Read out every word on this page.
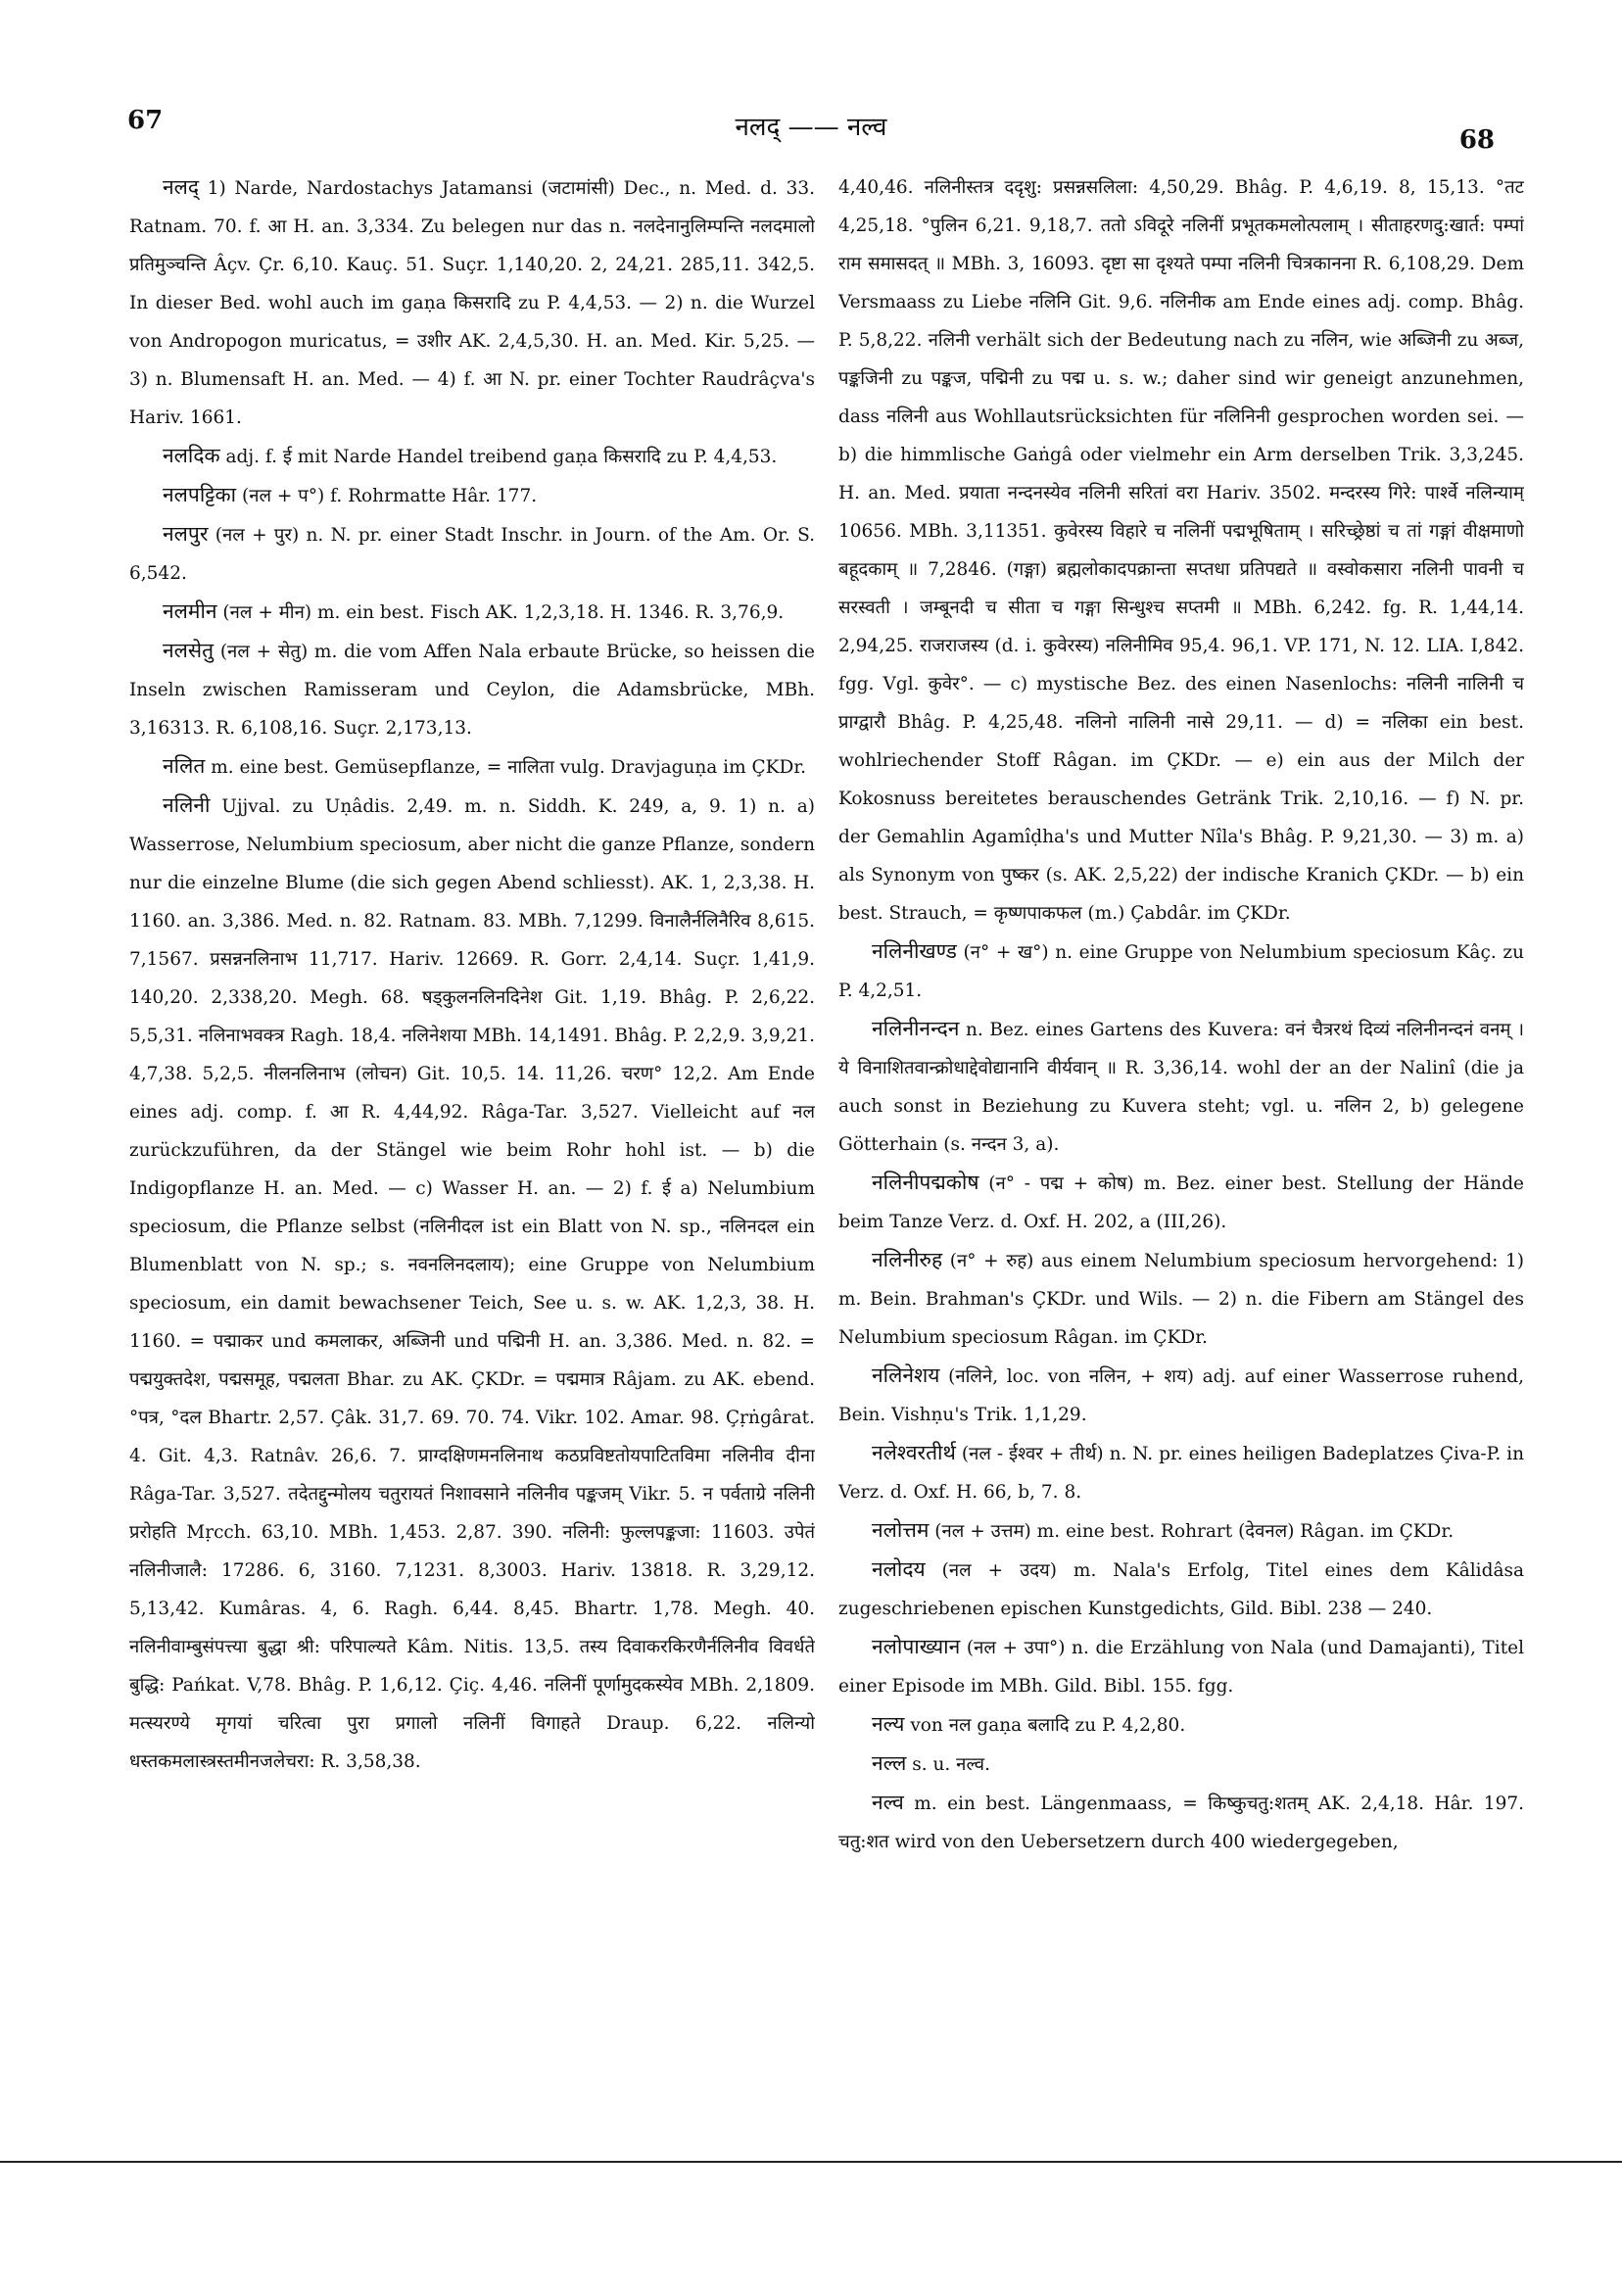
67	नलद् —— नल्व	68

नलद् 1) Narde, Nardostachys Jatamansi (जटामांसी) Dec., n. Med. d. 33. Ratnam. 70. f. आ H. an. 3,334. Zu belegen nur das n. नलदेनानुलिम्पन्ति नलदमालो प्रतिमुञ्चन्ति Âçv. Çr. 6,10. Kauç. 51. Suçr. 1,140,20. 2, 24,21. 285,11. 342,5. In dieser Bed. wohl auch im gaṇa किसरादि zu P. 4,4,53. — 2) n. die Wurzel von Andropogon muricatus, = उशीर AK. 2,4,5,30. H. an. Med. Kir. 5,25. — 3) n. Blumensaft H. an. Med. — 4) f. आ N. pr. einer Tochter Raudrâçva's Hariv. 1661.

नलदिक adj. f. ई mit Narde Handel treibend gaṇa किसरादि zu P. 4,4,53.

नलपट्टिका (नल + प°) f. Rohrmatte Hâr. 177.

नलपुर (नल + पुर) n. N. pr. einer Stadt Inschr. in Journ. of the Am. Or. S. 6,542.

नलमीन (नल + मीन) m. ein best. Fisch AK. 1,2,3,18. H. 1346. R. 3,76,9.

नलसेतु (नल + सेतु) m. die vom Affen Nala erbaute Brücke, so heissen die Inseln zwischen Ramisseram und Ceylon, die Adamsbrücke, MBh. 3,16313. R. 6,108,16. Suçr. 2,173,13.

नलित m. eine best. Gemüsepflanze, = नालिता vulg. Dravjaguṇa im ÇKDr.

नलिनी Ujjval. zu Uṇâdis. 2,49. m. n. Siddh. K. 249, a, 9. 1) n. a) Wasserrose, Nelumbium speciosum, aber nicht die ganze Pflanze, sondern nur die einzelne Blume (die sich gegen Abend schliesst). AK. 1, 2,3,38. H. 1160. an. 3,386. Med. n. 82. Ratnam. 83. MBh. 7,1299. विनालैर्नलिनैरिव 8,615. 7,1567. प्रसन्ननलिनाभ 11,717. Hariv. 12669. R. Gorr. 2,4,14. Suçr. 1,41,9. 140,20. 2,338,20. Megh. 68. षड्कुलनलिनदिनेश Git. 1,19. Bhâg. P. 2,6,22. 5,5,31. नलिनाभवक्त्र Ragh. 18,4. नलिनेशया MBh. 14,1491. Bhâg. P. 2,2,9. 3,9,21. 4,7,38. 5,2,5. नीलनलिनाभ (लोचन) Git. 10,5. 14. 11,26. चरण° 12,2. Am Ende eines adj. comp. f. आ R. 4,44,92. Râga-Tar. 3,527. Vielleicht auf नल zurückzuführen, da der Stängel wie beim Rohr hohl ist. — b) die Indigopflanze H. an. Med. — c) Wasser H. an. — 2) f. ई a) Nelumbium speciosum, die Pflanze selbst (नलिनीदल ist ein Blatt von N. sp., नलिनदल ein Blumenblatt von N. sp.; s. नवनलिनदलाय); eine Gruppe von Nelumbium speciosum, ein damit bewachsener Teich, See u. s. w. AK. 1,2,3, 38. H. 1160. = पद्माकर und कमलाकर, अब्जिनी und पद्मिनी H. an. 3,386. Med. n. 82. = पद्मयुक्तदेश, पद्मसमूह, पद्मलता Bhar. zu AK. ÇKDr. = पद्ममात्र Râjam. zu AK. ebend. °पत्र, °दल Bhartr. 2,57. Çâk. 31,7. 69. 70. 74. Vikr. 102. Amar. 98. Çṛṅgârat. 4. Git. 4,3. Ratnâv. 26,6. 7. प्राग्दक्षिणमनलिनाथ कठप्रविष्टतोयपाटितविमा नलिनीव दीना Râga-Tar. 3,527. तदेतद्दुन्मोलय चतुरायतं निशावसाने नलिनीव पङ्कजम् Vikr. 5. न पर्वताग्रे नलिनी प्ररोहति Mṛcch. 63,10. MBh. 1,453. 2,87. 390. नलिनी: फुल्लपङ्कजा: 11603. उपेतं नलिनीजालै: 17286. 6, 3160. 7,1231. 8,3003. Hariv. 13818. R. 3,29,12. 5,13,42. Kumâras. 4, 6. Ragh. 6,44. 8,45. Bhartr. 1,78. Megh. 40. नलिनीवाम्बुसंपत्त्या बुद्धा श्री: परिपाल्यते Kâm. Nitis. 13,5. तस्य दिवाकरकिरणैर्नलिनीव विवर्धते बुद्धि: Pańkat. V,78. Bhâg. P. 1,6,12. Çiç. 4,46. नलिनीं पूर्णामुदकस्येव MBh. 2,1809. मत्स्यरण्ये मृगयां चरित्वा पुरा प्रगालो नलिनीं विगाहते Draup. 6,22. नलिन्यो धस्तकमलास्त्रस्तमीनजलेचरा: R. 3,58,38.

4,40,46. नलिनीस्तत्र ददृशु: प्रसन्नसलिला: 4,50,29. Bhâg. P. 4,6,19. 8, 15,13. °तट 4,25,18. °पुलिन 6,21. 9,18,7. ततो ऽविदूरे नलिनीं प्रभूतकमलोत्पलाम् । सीताहरणदु:खार्त: पम्पां राम समासदत् ॥ MBh. 3, 16093. दृष्टा सा दृश्यते पम्पा नलिनी चित्रकानना R. 6,108,29. Dem Versmaass zu Liebe नलिनि Git. 9,6. नलिनीक am Ende eines adj. comp. Bhâg. P. 5,8,22. नलिनी verhält sich der Bedeutung nach zu नलिन, wie अब्जिनी zu अब्ज, पङ्कजिनी zu पङ्कज, पद्मिनी zu पद्म u. s. w.; daher sind wir geneigt anzunehmen, dass नलिनी aus Wohllautsrücksichten für नलिनिनी gesprochen worden sei. — b) die himmlische Gaṅgâ oder vielmehr ein Arm derselben Trik. 3,3,245. H. an. Med. प्रयाता नन्दनस्येव नलिनी सरितां वरा Hariv. 3502. मन्दरस्य गिरे: पार्श्वे नलिन्याम् 10656. MBh. 3,11351. कुवेरस्य विहारे च नलिनीं पद्मभूषिताम् । सरिच्छ्रेष्ठां च तां गङ्गां वीक्षमाणो बहूदकाम् ॥ 7,2846. (गङ्गा) ब्रह्मलोकादपक्रान्ता सप्तधा प्रतिपद्यते ॥ वस्वोकसारा नलिनी पावनी च सरस्वती । जम्बूनदी च सीता च गङ्गा सिन्धुश्च सप्तमी ॥ MBh. 6,242. fg. R. 1,44,14. 2,94,25. राजराजस्य (d. i. कुवेरस्य) नलिनीमिव 95,4. 96,1. VP. 171, N. 12. LIA. I,842. fgg. Vgl. कुवेर°. — c) mystische Bez. des einen Nasenlochs: नलिनी नालिनी च प्राग्द्वारौ Bhâg. P. 4,25,48. नलिनो नालिनी नासे 29,11. — d) = नलिका ein best. wohlriechender Stoff Râgan. im ÇKDr. — e) ein aus der Milch der Kokosnuss bereitetes berauschendes Getränk Trik. 2,10,16. — f) N. pr. der Gemahlin Agamîḍha's und Mutter Nîla's Bhâg. P. 9,21,30. — 3) m. a) als Synonym von पुष्कर (s. AK. 2,5,22) der indische Kranich ÇKDr. — b) ein best. Strauch, = कृष्णपाकफल (m.) Çabdâr. im ÇKDr.

नलिनीखण्ड (न° + ख°) n. eine Gruppe von Nelumbium speciosum Kâç. zu P. 4,2,51.

नलिनीनन्दन n. Bez. eines Gartens des Kuvera: वनं चैत्ररथं दिव्यं नलिनीनन्दनं वनम् । ये विनाशितवान्क्रोधाद्देवोद्यानानि वीर्यवान् ॥ R. 3,36,14. wohl der an der Nalinî (die ja auch sonst in Beziehung zu Kuvera steht; vgl. u. नलिन 2, b) gelegene Götterhain (s. नन्दन 3, a).

नलिनीपद्मकोष (न° - पद्म + कोष) m. Bez. einer best. Stellung der Hände beim Tanze Verz. d. Oxf. H. 202, a (III,26).

नलिनीरुह (न° + रुह) aus einem Nelumbium speciosum hervorgehend: 1) m. Bein. Brahman's ÇKDr. und Wils. — 2) n. die Fibern am Stängel des Nelumbium speciosum Râgan. im ÇKDr.

नलिनेशय (नलिने, loc. von नलिन, + शय) adj. auf einer Wasserrose ruhend, Bein. Vishṇu's Trik. 1,1,29.

नलेश्वरतीर्थ (नल - ईश्वर + तीर्थ) n. N. pr. eines heiligen Badeplatzes Çiva-P. in Verz. d. Oxf. H. 66, b, 7. 8.

नलोत्तम (नल + उत्तम) m. eine best. Rohrart (देवनल) Râgan. im ÇKDr.

नलोदय (नल + उदय) m. Nala's Erfolg, Titel eines dem Kâlidâsa zugeschriebenen epischen Kunstgedichts, Gild. Bibl. 238 — 240.

नलोपाख्यान (नल + उपा°) n. die Erzählung von Nala (und Damajanti), Titel einer Episode im MBh. Gild. Bibl. 155. fgg.

नल्य von नल gaṇa बलादि zu P. 4,2,80.

नल्ल s. u. नल्व.

नल्व m. ein best. Längenmaass, = किष्कुचतु:शतम् AK. 2,4,18. Hâr. 197. चतु:शत wird von den Uebersetzern durch 400 wiedergegeben,
